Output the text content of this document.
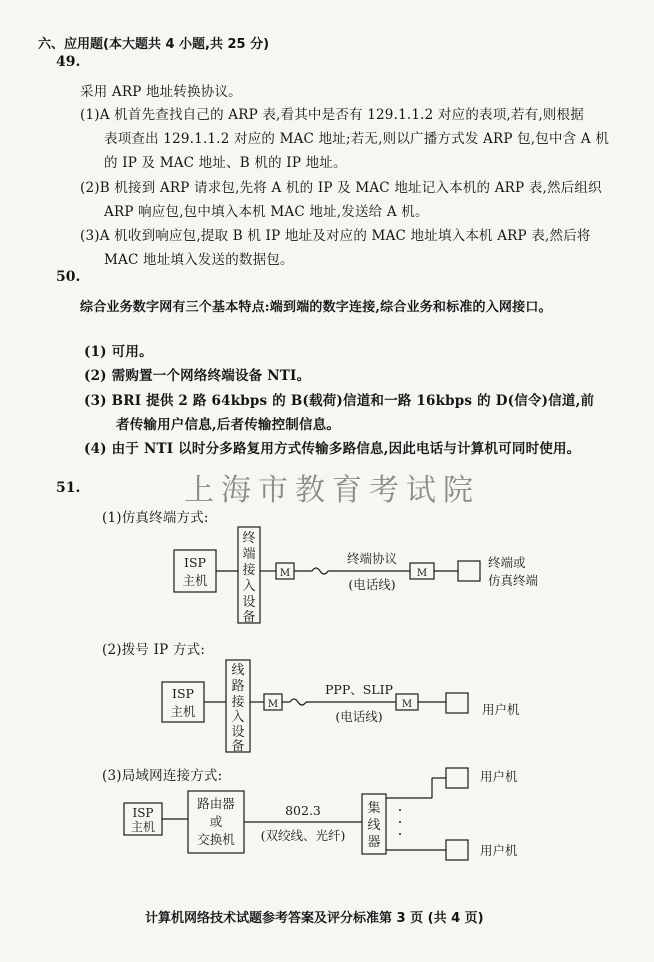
六、应用题(本大题共 4 小题,共 25 分)
49.
采用 ARP 地址转换协议。
(1)A 机首先查找自己的 ARP 表,看其中是否有 129.1.1.2 对应的表项,若有,则根据
表项查出 129.1.1.2 对应的 MAC 地址;若无,则以广播方式发 ARP 包,包中含 A 机
的 IP 及 MAC 地址、B 机的 IP 地址。
(2)B 机接到 ARP 请求包,先将 A 机的 IP 及 MAC 地址记入本机的 ARP 表,然后组织
ARP 响应包,包中填入本机 MAC 地址,发送给 A 机。
(3)A 机收到响应包,提取 B 机 IP 地址及对应的 MAC 地址填入本机 ARP 表,然后将
MAC 地址填入发送的数据包。
50.
综合业务数字网有三个基本特点:端到端的数字连接,综合业务和标准的入网接口。
(1) 可用。
(2) 需购置一个网络终端设备 NTI。
(3) BRI 提供 2 路 64kbps 的 B(载荷)信道和一路 16kbps 的 D(信令)信道,前
者传输用户信息,后者传输控制信息。
(4) 由于 NTI 以时分多路复用方式传输多路信息,因此电话与计算机可同时使用。
上海市教育考试院
51.
(1)仿真终端方式:
ISP
主机
终
端
接
入
设
备
M	M
终端协议
(电话线)
终端或
仿真终端
ISP
主机
线
路
接
入
设
备
M	M
PPP、SLIP
(电话线)	用户机
ISP
主机
路由器
或
交换机
802.3
(双绞线、光纤)
集
线
器
用户机
用户机
(2)拨号 IP 方式:
(3)局域网连接方式:
计算机网络技术试题参考答案及评分标准第 3 页 (共 4 页)
